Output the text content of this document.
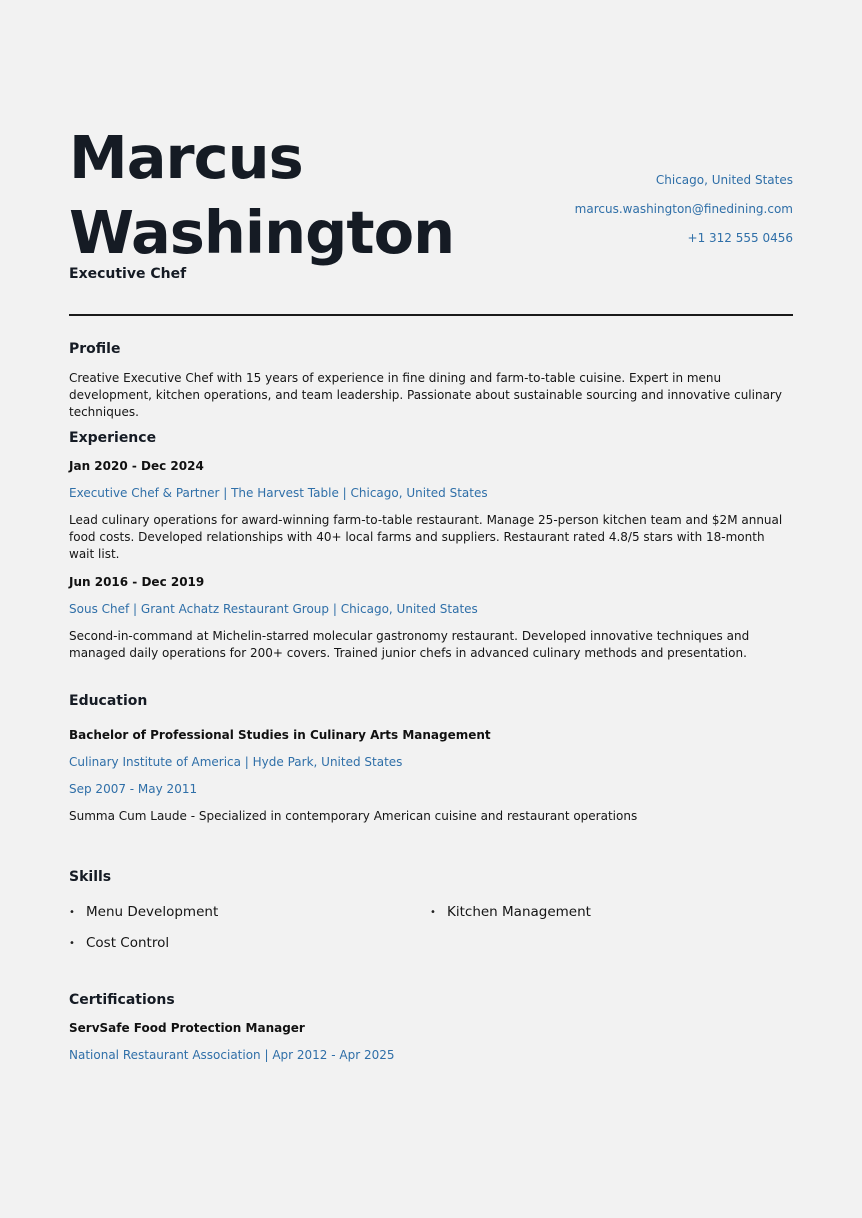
Marcus
Washington

Executive Chef

Chicago, United States
marcus.washington@finedining.com
+1 312 555 0456
Profile
Creative Executive Chef with 15 years of experience in fine dining and farm-to-table cuisine. Expert in menu development, kitchen operations, and team leadership. Passionate about sustainable sourcing and innovative culinary techniques.
Experience
Jan 2020 - Dec 2024
Executive Chef & Partner | The Harvest Table | Chicago, United States
Lead culinary operations for award-winning farm-to-table restaurant. Manage 25-person kitchen team and $2M annual food costs. Developed relationships with 40+ local farms and suppliers. Restaurant rated 4.8/5 stars with 18-month wait list.
Jun 2016 - Dec 2019
Sous Chef | Grant Achatz Restaurant Group | Chicago, United States
Second-in-command at Michelin-starred molecular gastronomy restaurant. Developed innovative techniques and managed daily operations for 200+ covers. Trained junior chefs in advanced culinary methods and presentation.
Education
Bachelor of Professional Studies in Culinary Arts Management
Culinary Institute of America | Hyde Park, United States
Sep 2007 - May 2011
Summa Cum Laude - Specialized in contemporary American cuisine and restaurant operations
Skills
• Menu Development	• Kitchen Management
• Cost Control
Certifications
ServSafe Food Protection Manager
National Restaurant Association | Apr 2012 - Apr 2025
